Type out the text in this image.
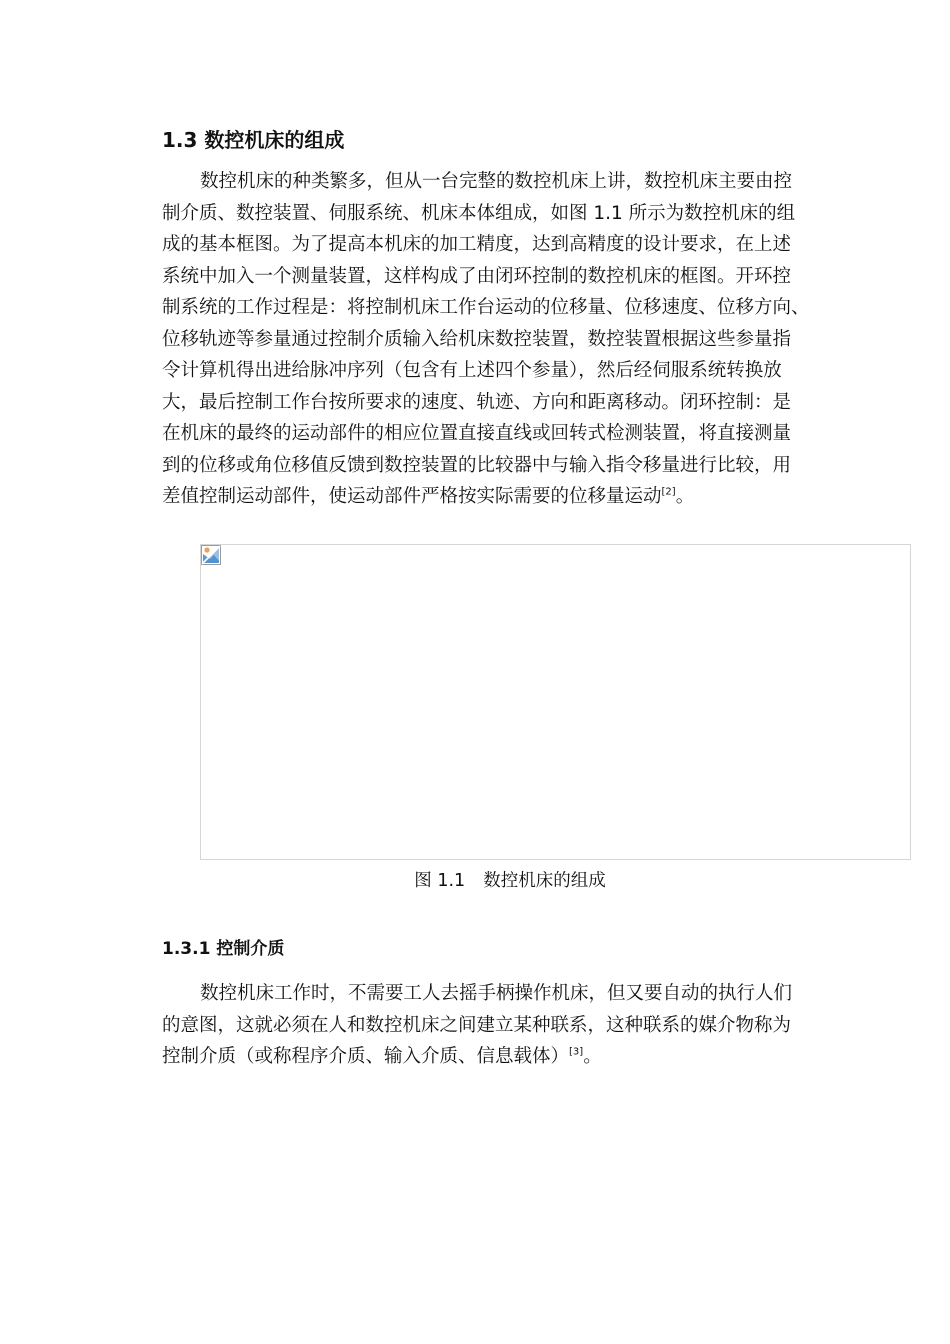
1.3 数控机床的组成
数控机床的种类繁多，但从一台完整的数控机床上讲，数控机床主要由控
制介质、数控装置、伺服系统、机床本体组成，如图 1.1 所示为数控机床的组
成的基本框图。为了提高本机床的加工精度，达到高精度的设计要求，在上述
系统中加入一个测量装置，这样构成了由闭环控制的数控机床的框图。开环控
制系统的工作过程是：将控制机床工作台运动的位移量、位移速度、位移方向、
位移轨迹等参量通过控制介质输入给机床数控装置，数控装置根据这些参量指
令计算机得出进给脉冲序列（包含有上述四个参量），然后经伺服系统转换放
大，最后控制工作台按所要求的速度、轨迹、方向和距离移动。闭环控制：是
在机床的最终的运动部件的相应位置直接直线或回转式检测装置，将直接测量
到的位移或角位移值反馈到数控装置的比较器中与输入指令移量进行比较，用
差值控制运动部件，使运动部件严格按实际需要的位移量运动[2]。
图 1.1 数控机床的组成
1.3.1 控制介质
数控机床工作时，不需要工人去摇手柄操作机床，但又要自动的执行人们
的意图，这就必须在人和数控机床之间建立某种联系，这种联系的媒介物称为
控制介质（或称程序介质、输入介质、信息载体）[3]。
